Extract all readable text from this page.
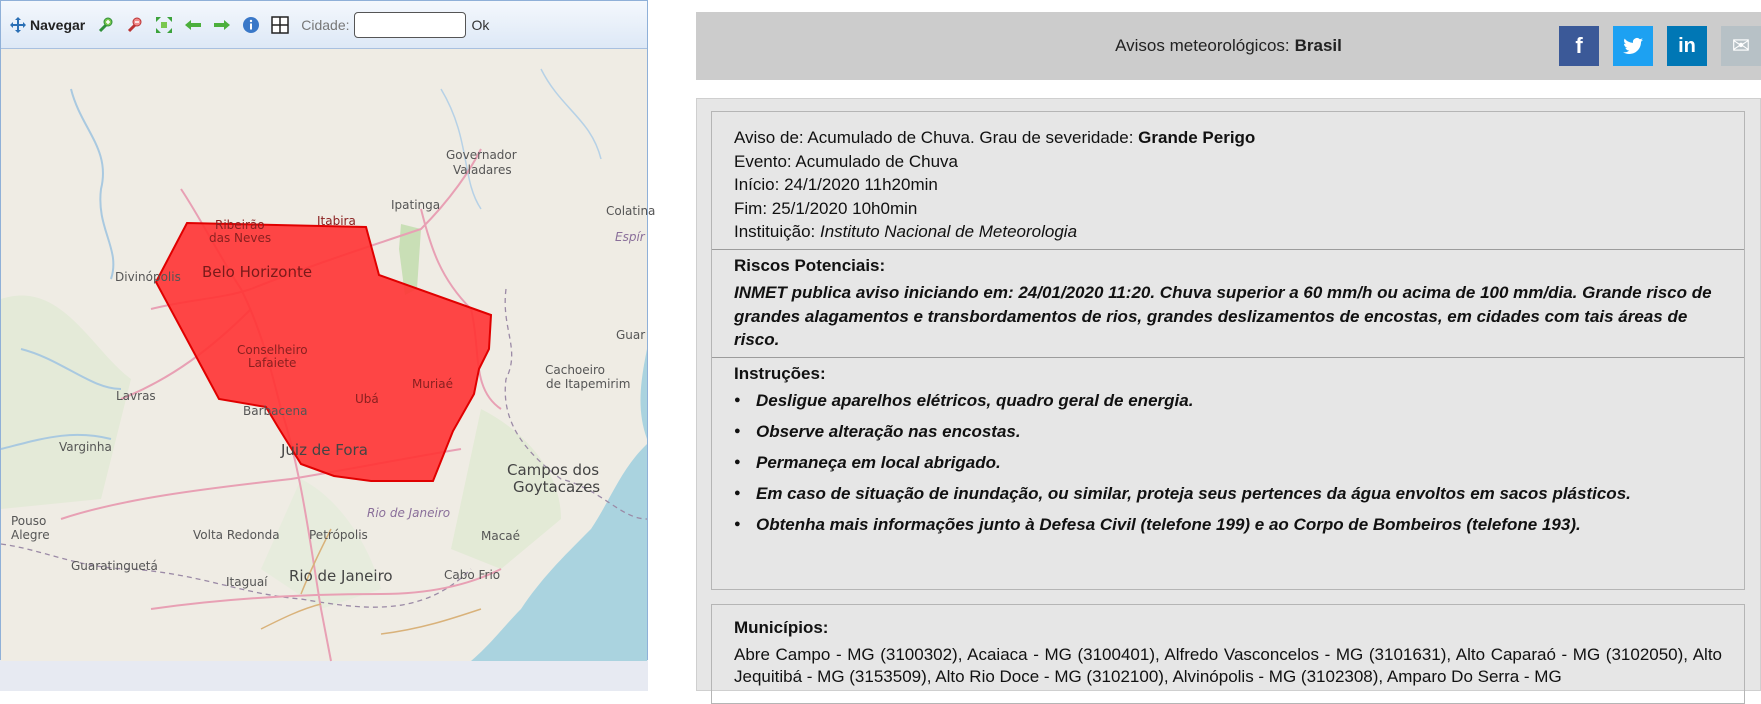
Navegar	Cidade:	Ok
Governador
Valadares
Ipatinga
Itabira
Ribeirão
das Neves
Belo Horizonte
Divinópolis
Colatina
Espír
Guar
Conselheiro
Lafaiete	Cachoeiro
de Itapemirim
Muriaé
Ubá
Lavras
Barbacena
Varginha	Juiz de Fora
Campos dos
Goytacazes
Rio de Janeiro
Pouso
Alegre	Volta Redonda Petrópolis	Macaé
Guaratinguetá
Itaguaí Rio de Janeiro	Cabo Frio
Avisos meteorológicos: Brasil	f	in ✉
Aviso de: Acumulado de Chuva. Grau de severidade: Grande Perigo
Evento: Acumulado de Chuva
Início: 24/1/2020 11h20min
Fim: 25/1/2020 10h0min
Instituição: Instituto Nacional de Meteorologia
Riscos Potenciais:
INMET publica aviso iniciando em: 24/01/2020 11:20. Chuva superior a 60 mm/h ou acima de 100 mm/dia. Grande risco de grandes alagamentos e transbordamentos de rios, grandes deslizamentos de encostas, em cidades com tais áreas de risco.
Instruções:
● Desligue aparelhos elétricos, quadro geral de energia.
● Observe alteração nas encostas.
● Permaneça em local abrigado.
● Em caso de situação de inundação, ou similar, proteja seus pertences da água envoltos em sacos plásticos.
● Obtenha mais informações junto à Defesa Civil (telefone 199) e ao Corpo de Bombeiros (telefone 193).
Municípios:
Abre Campo - MG (3100302), Acaiaca - MG (3100401), Alfredo Vasconcelos - MG (3101631), Alto Caparaó - MG (3102050), Alto Jequitibá - MG (3153509), Alto Rio Doce - MG (3102100), Alvinópolis - MG (3102308), Amparo Do Serra - MG
